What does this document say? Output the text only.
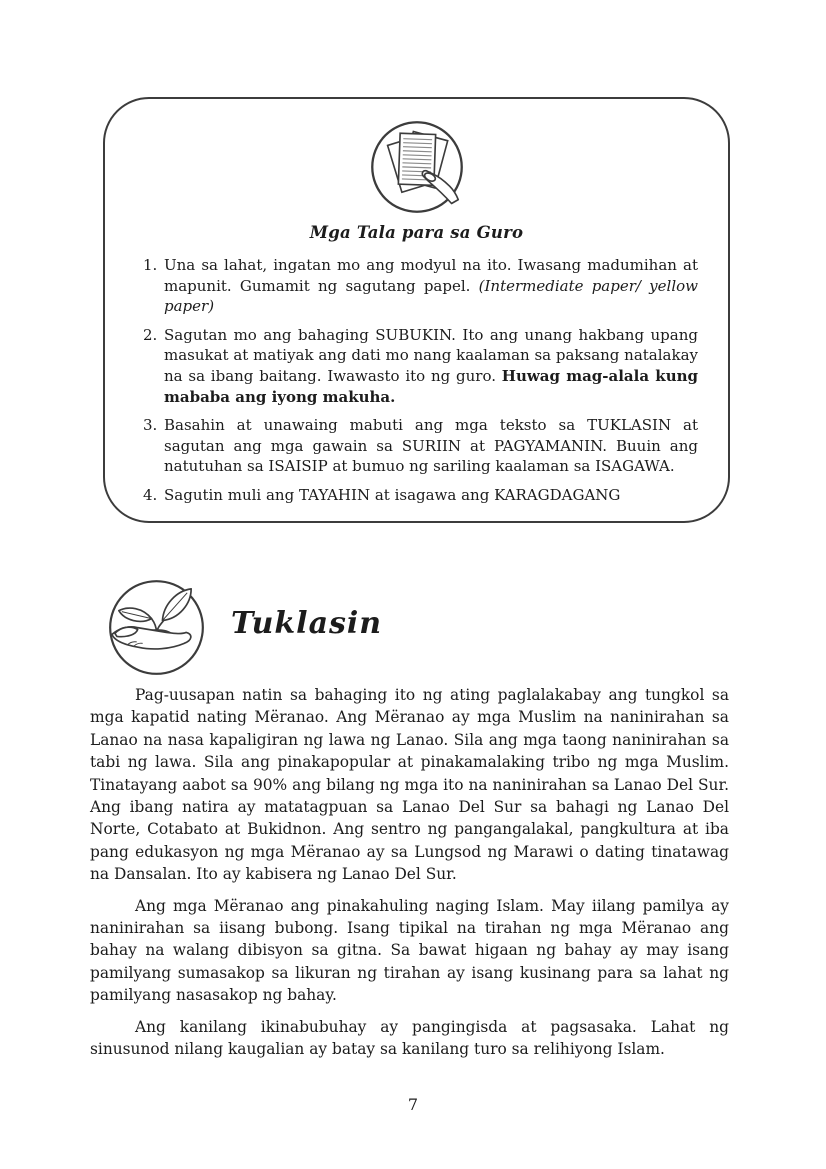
Mga Tala para sa Guro
1. Una sa lahat, ingatan mo ang modyul na ito. Iwasang madumihan at mapunit. Gumamit ng sagutang papel. (Intermediate paper/ yellow paper)
2. Sagutan mo ang bahaging SUBUKIN. Ito ang unang hakbang upang masukat at matiyak ang dati mo nang kaalaman sa paksang natalakay na sa ibang baitang. Iwawasto ito ng guro. Huwag mag-alala kung mababa ang iyong makuha.
3. Basahin at unawaing mabuti ang mga teksto sa TUKLASIN at sagutan ang mga gawain sa SURIIN at PAGYAMANIN. Buuin ang natutuhan sa ISAISIP at bumuo ng sariling kaalaman sa ISAGAWA.
4. Sagutin muli ang TAYAHIN at isagawa ang KARAGDAGANG
Tuklasin

Pag-uusapan natin sa bahaging ito ng ating paglalakabay ang tungkol sa mga kapatid nating Mëranao. Ang Mëranao ay mga Muslim na naninirahan sa Lanao na nasa kapaligiran ng lawa ng Lanao. Sila ang mga taong naninirahan sa tabi ng lawa. Sila ang pinakapopular at pinakamalaking tribo ng mga Muslim. Tinatayang aabot sa 90% ang bilang ng mga ito na naninirahan sa Lanao Del Sur. Ang ibang natira ay matatagpuan sa Lanao Del Sur sa bahagi ng Lanao Del Norte, Cotabato at Bukidnon. Ang sentro ng pangangalakal, pangkultura at iba pang edukasyon ng mga Mëranao ay sa Lungsod ng Marawi o dating tinatawag na Dansalan. Ito ay kabisera ng Lanao Del Sur.

Ang mga Mëranao ang pinakahuling naging Islam. May iilang pamilya ay naninirahan sa iisang bubong. Isang tipikal na tirahan ng mga Mëranao ang bahay na walang dibisyon sa gitna. Sa bawat higaan ng bahay ay may isang pamilyang sumasakop sa likuran ng tirahan ay isang kusinang para sa lahat ng pamilyang nasasakop ng bahay.

Ang kanilang ikinabubuhay ay pangingisda at pagsasaka. Lahat ng sinusunod nilang kaugalian ay batay sa kanilang turo sa relihiyong Islam.

7
